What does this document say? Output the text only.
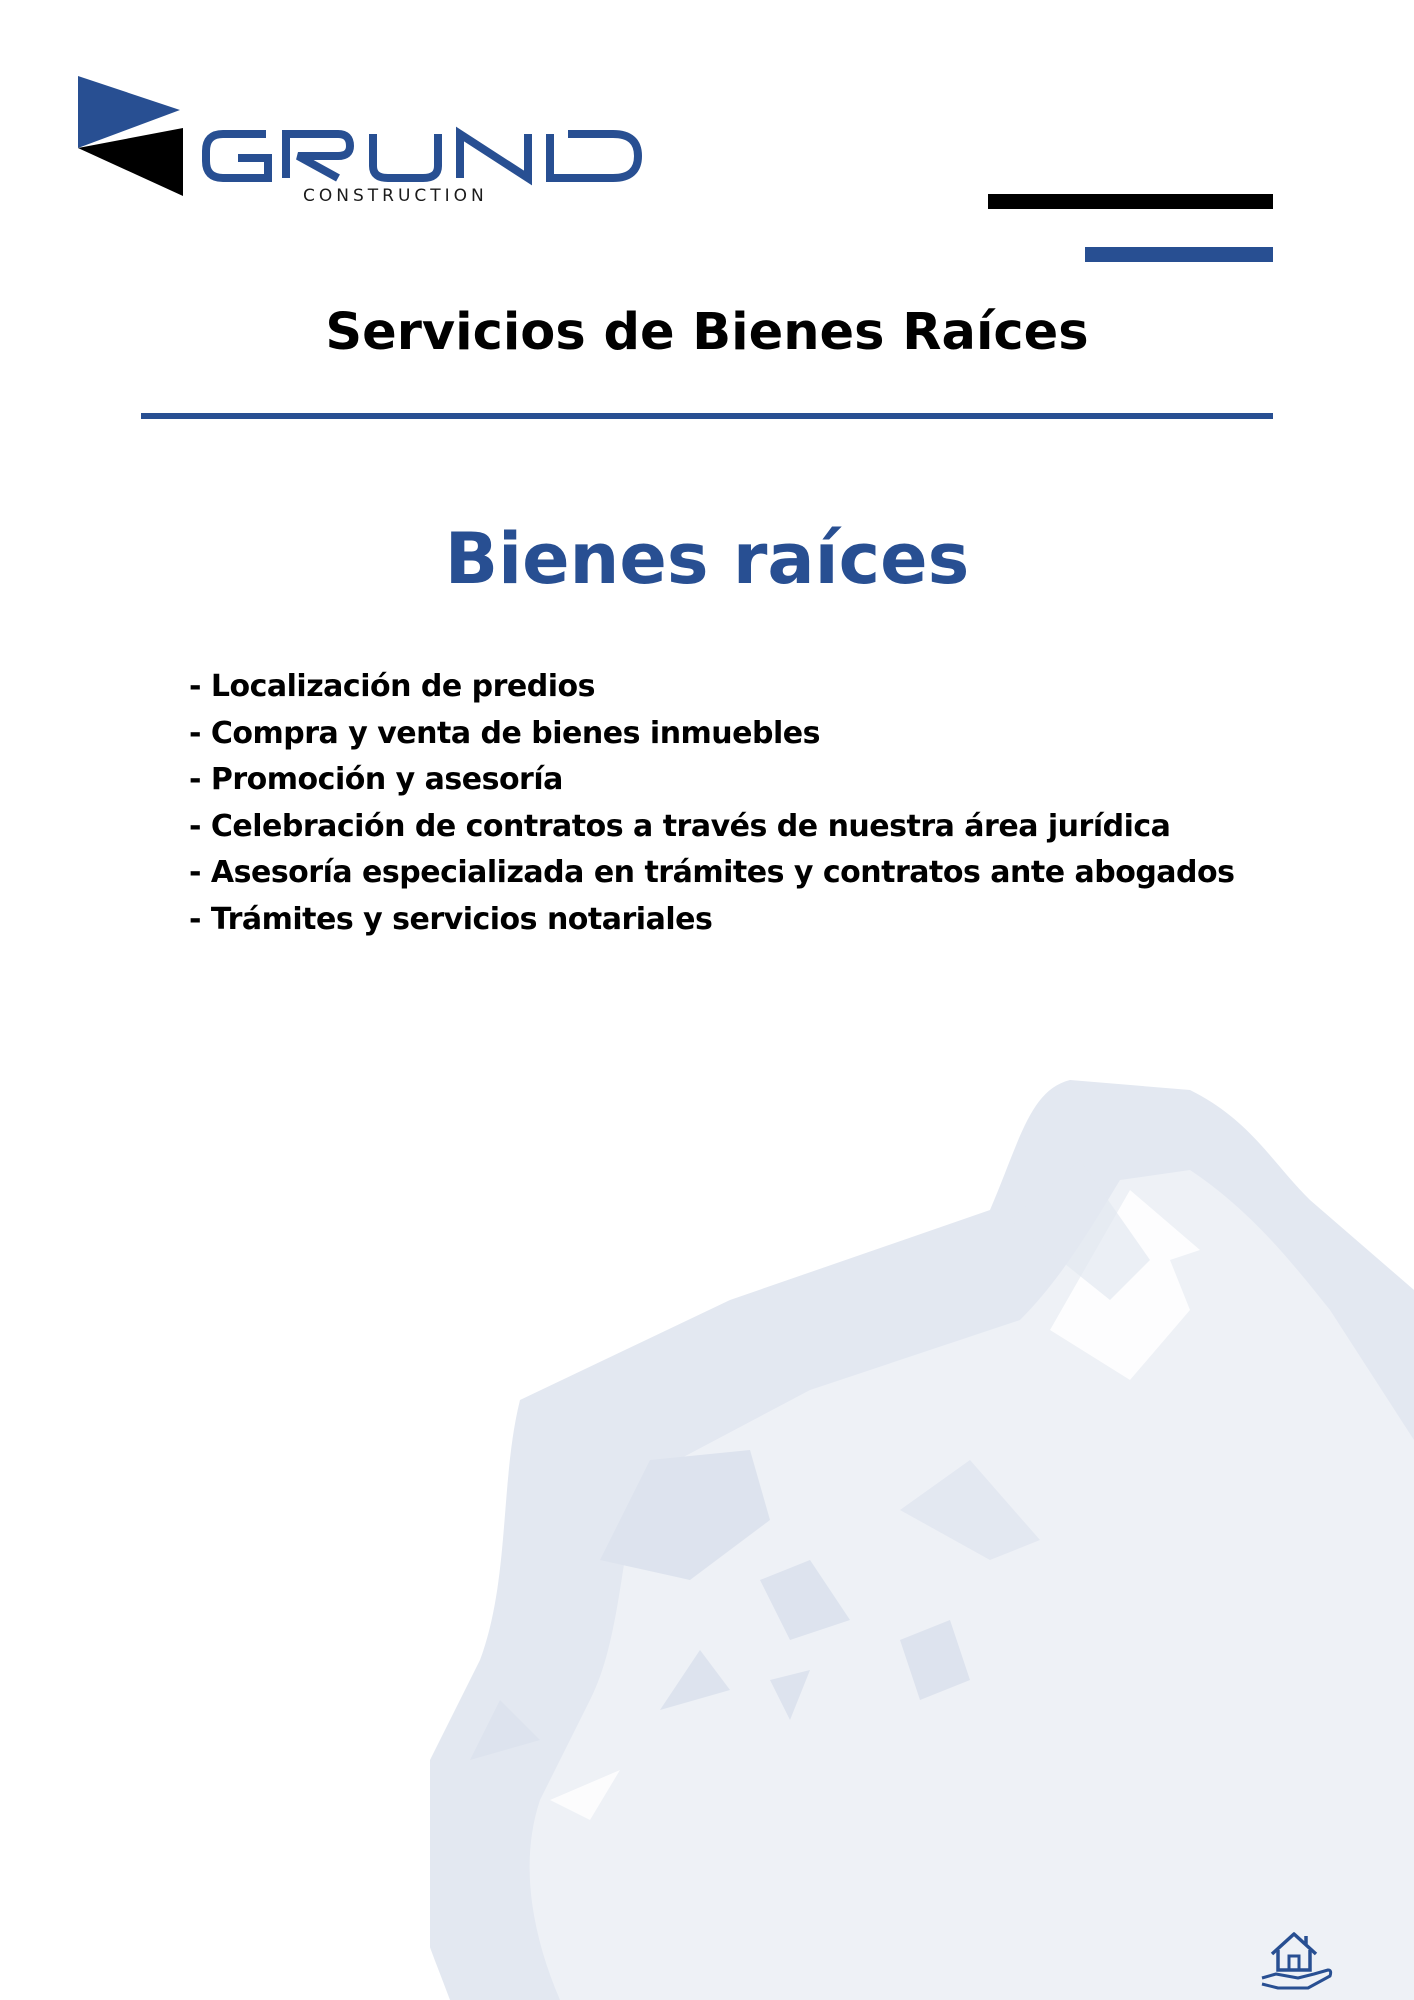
CONSTRUCTION
Servicios de Bienes Raíces
Bienes raíces
- Localización de predios
- Compra y venta de bienes inmuebles
- Promoción y asesoría
- Celebración de contratos a través de nuestra área jurídica
- Asesoría especializada en trámites y contratos ante abogados
- Trámites y servicios notariales
